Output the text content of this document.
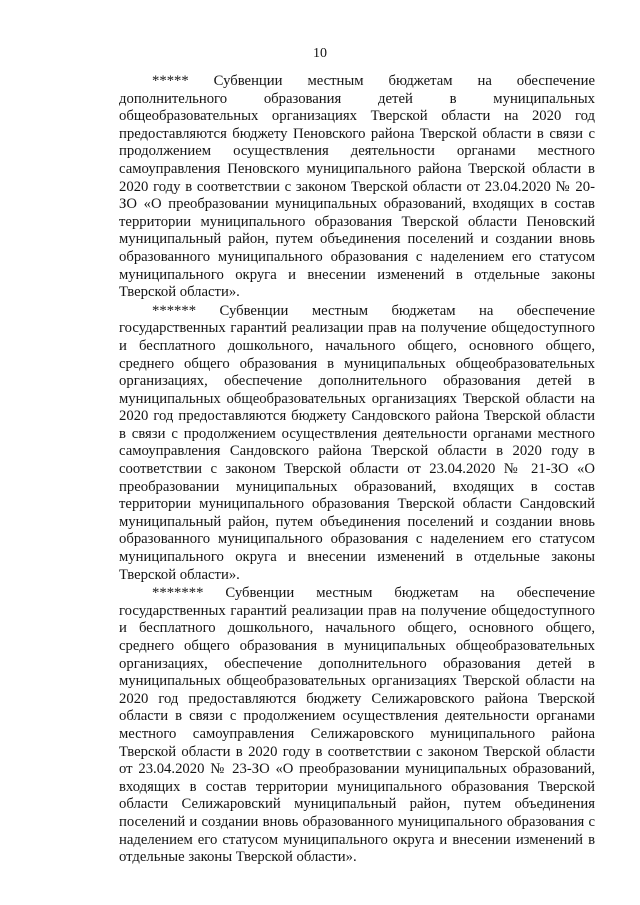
10

***** Субвенции местным бюджетам на обеспечение дополнительного образования детей в муниципальных общеобразовательных организациях Тверской области на 2020 год предоставляются бюджету Пеновского района Тверской области в связи с продолжением осуществления деятельности органами местного самоуправления Пеновского муниципального района Тверской области в 2020 году в соответствии с законом Тверской области от 23.04.2020 № 20-ЗО «О преобразовании муниципальных образований, входящих в состав территории муниципального образования Тверской области Пеновский муниципальный район, путем объединения поселений и создании вновь образованного муниципального образования с наделением его статусом муниципального округа и внесении изменений в отдельные законы Тверской области».

****** Субвенции местным бюджетам на обеспечение государственных гарантий реализации прав на получение общедоступного и бесплатного дошкольного, начального общего, основного общего, среднего общего образования в муниципальных общеобразовательных организациях, обеспечение дополнительного образования детей в муниципальных общеобразовательных организациях Тверской области на 2020 год предоставляются бюджету Сандовского района Тверской области в связи с продолжением осуществления деятельности органами местного самоуправления Сандовского района Тверской области в 2020 году в соответствии с законом Тверской области от 23.04.2020 № 21-ЗО «О преобразовании муниципальных образований, входящих в состав территории муниципального образования Тверской области Сандовский муниципальный район, путем объединения поселений и создании вновь образованного муниципального образования с наделением его статусом муниципального округа и внесении изменений в отдельные законы Тверской области».

******* Субвенции местным бюджетам на обеспечение государственных гарантий реализации прав на получение общедоступного и бесплатного дошкольного, начального общего, основного общего, среднего общего образования в муниципальных общеобразовательных организациях, обеспечение дополнительного образования детей в муниципальных общеобразовательных организациях Тверской области на 2020 год предоставляются бюджету Селижаровского района Тверской области в связи с продолжением осуществления деятельности органами местного самоуправления Селижаровского муниципального района Тверской области в 2020 году в соответствии с законом Тверской области от 23.04.2020 № 23-ЗО «О преобразовании муниципальных образований, входящих в состав территории муниципального образования Тверской области Селижаровский муниципальный район, путем объединения поселений и создании вновь образованного муниципального образования с наделением его статусом муниципального округа и внесении изменений в отдельные законы Тверской области».
